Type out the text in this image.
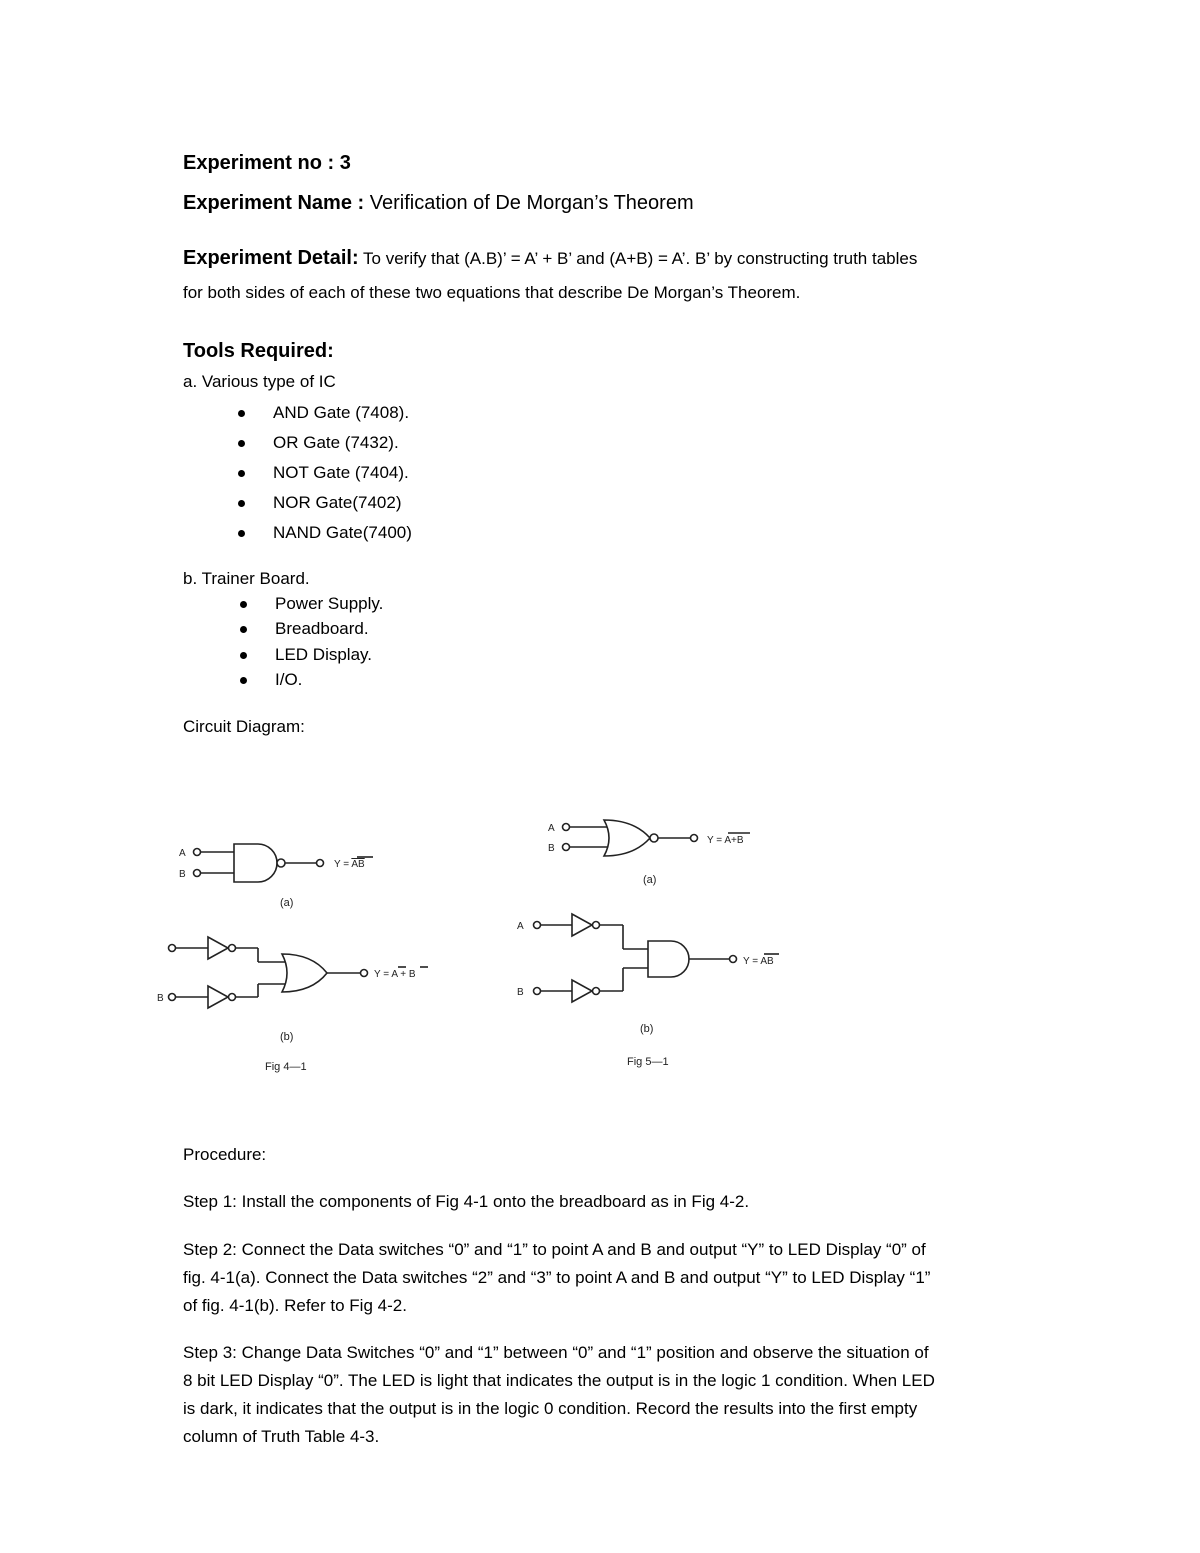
Experiment no : 3
Experiment Name : Verification of De Morgan’s Theorem
Experiment Detail: To verify that (A.B)’ = A’ + B’ and (A+B) = A’. B’ by constructing truth tables
for both sides of each of these two equations that describe De Morgan’s Theorem.
Tools Required:
a. Various type of IC
AND Gate (7408).
OR Gate (7432).
NOT Gate (7404).
NOR Gate(7402)
NAND Gate(7400)
b. Trainer Board.
Power Supply.
Breadboard.
LED Display.
I/O.
Circuit Diagram:
A
B
Y = AB
(a)
B
Y = A + B
(b)
Fig 4—1
A
B
Y = A+B
(a)
A
B
Y = AB
(b)
Fig 5—1
Procedure:
Step 1: Install the components of Fig 4-1 onto the breadboard as in Fig 4-2.
Step 2: Connect the Data switches “0” and “1” to point A and B and output “Y” to LED Display “0” of
fig. 4-1(a). Connect the Data switches “2” and “3” to point A and B and output “Y” to LED Display “1”
of fig. 4-1(b). Refer to Fig 4-2.
Step 3: Change Data Switches “0” and “1” between “0” and “1” position and observe the situation of
8 bit LED Display “0”. The LED is light that indicates the output is in the logic 1 condition. When LED
is dark, it indicates that the output is in the logic 0 condition. Record the results into the first empty
column of Truth Table 4-3.
